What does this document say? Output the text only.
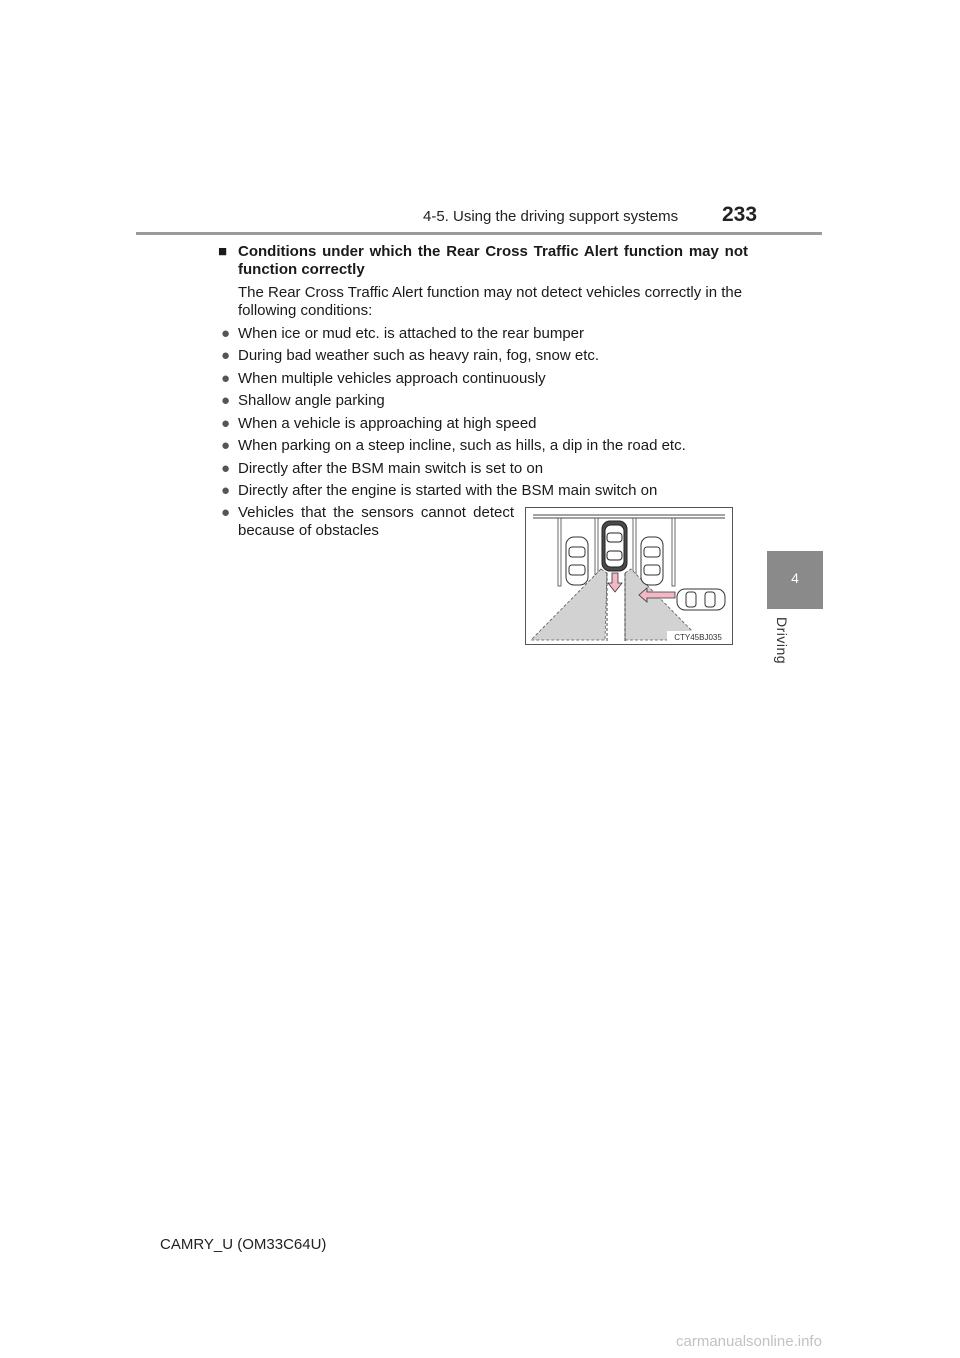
4-5. Using the driving support systems 233
4
Driving
■ Conditions under which the Rear Cross Traffic Alert function may not function correctly
The Rear Cross Traffic Alert function may not detect vehicles correctly in the following conditions:
● When ice or mud etc. is attached to the rear bumper
● During bad weather such as heavy rain, fog, snow etc.
● When multiple vehicles approach continuously
● Shallow angle parking
● When a vehicle is approaching at high speed
● When parking on a steep incline, such as hills, a dip in the road etc.
● Directly after the BSM main switch is set to on
● Directly after the engine is started with the BSM main switch on
● Vehicles that the sensors cannot detect because of obstacles
CTY45BJ035
CAMRY_U (OM33C64U)
carmanualsonline.info
